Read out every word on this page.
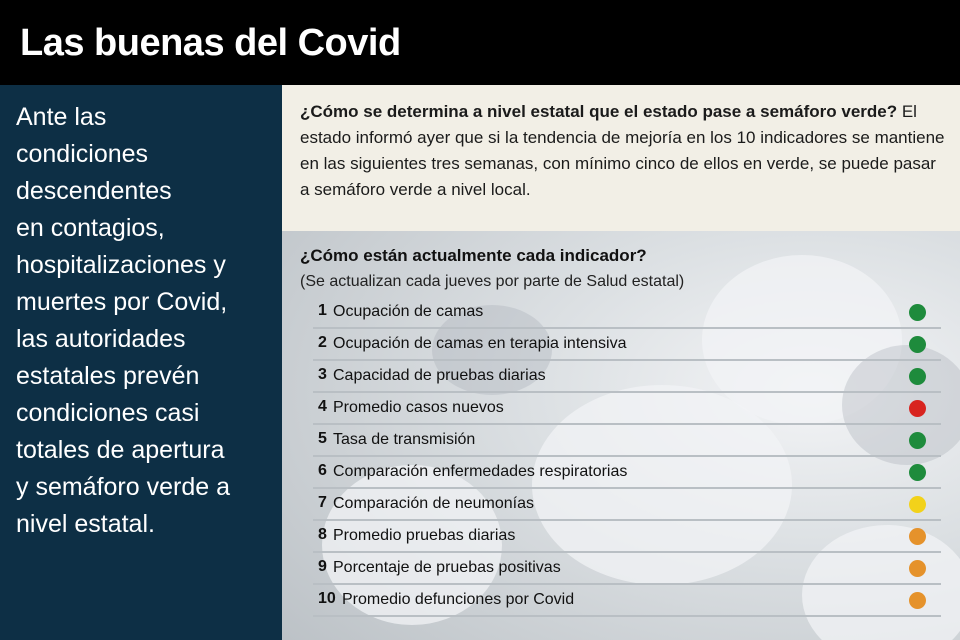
Las buenas del Covid
Ante las
condiciones
descendentes
en contagios,
hospitalizaciones y
muertes por Covid,
las autoridades
estatales prevén
condiciones casi
totales de apertura
y semáforo verde a
nivel estatal.
¿Cómo se determina a nivel estatal que el estado pase a semáforo verde? El estado informó ayer que si la tendencia de mejoría en los 10 indicadores se mantiene en las siguientes tres semanas, con mínimo cinco de ellos en verde, se puede pasar a semáforo verde a nivel local.
¿Cómo están actualmente cada indicador?
(Se actualizan cada jueves por parte de Salud estatal)
1 Ocupación de camas
2 Ocupación de camas en terapia intensiva
3 Capacidad de pruebas diarias
4 Promedio casos nuevos
5 Tasa de transmisión
6 Comparación enfermedades respiratorias
7 Comparación de neumonías
8 Promedio pruebas diarias
9 Porcentaje de pruebas positivas
10 Promedio defunciones por Covid
